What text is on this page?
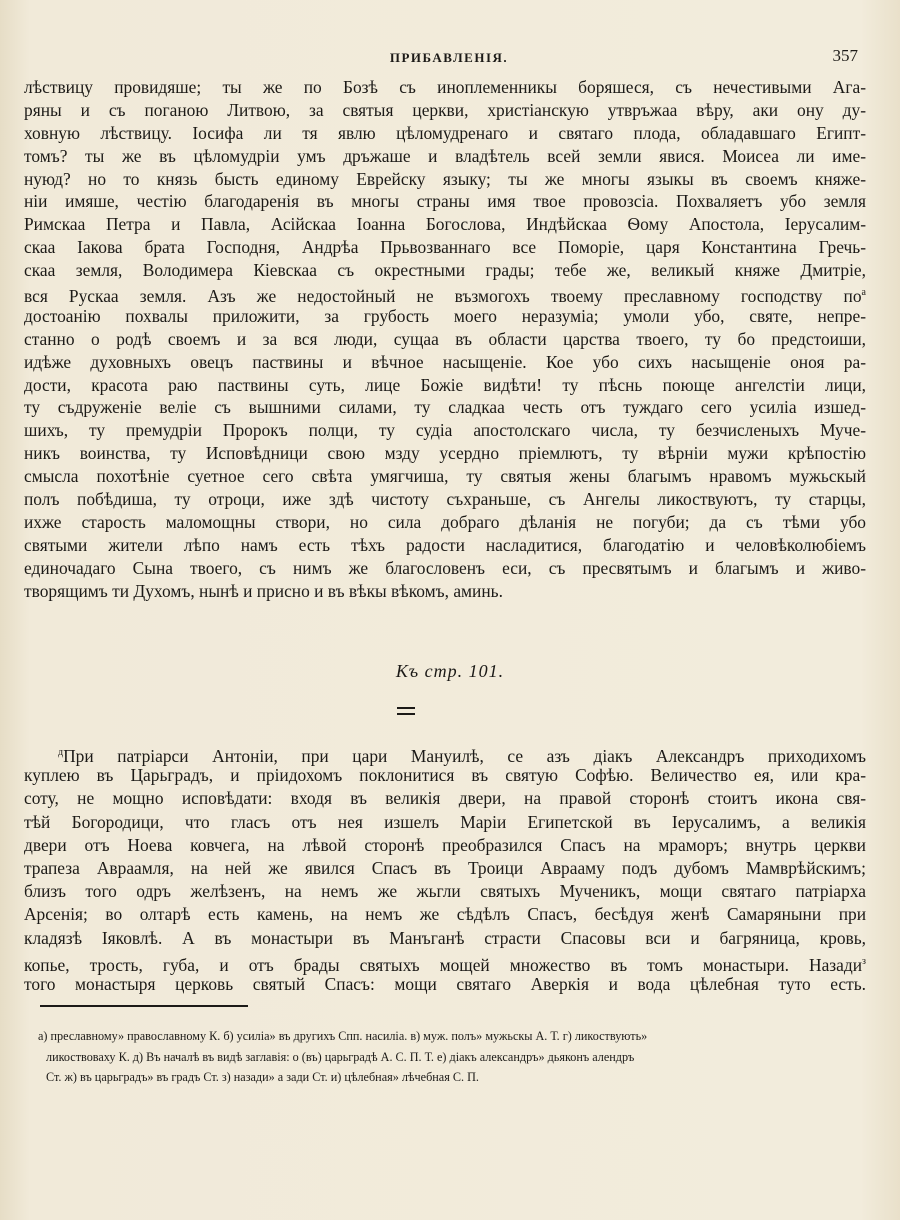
ПРИБАВЛЕНІЯ.	357
лѣствицу провидяше; ты же по Бозѣ съ иноплеменникы боряшеся, съ нечестивыми Ага-
ряны и съ поганою Литвою, за святыя церкви, христіанскую утвръжаа вѣру, аки ону ду-
ховную лѣствицу. Іосифа ли тя явлю цѣломудренаго и святаго плода, обладавшаго Египт-
томъ? ты же въ цѣломудріи умъ дръжаше и владѣтель всей земли явися. Моисеа ли име-
нуюд? но то князь бысть единому Еврейску языку; ты же многы языкы въ своемъ княже-
ніи имяше, честію благодаренія въ многы страны имя твое провозсіа. Похваляетъ убо земля
Римскаа Петра и Павла, Асійскаа Іоанна Богослова, Индѣйскаа Ѳому Апостола, Іерусалим-
скаа Іакова брата Господня, Андрѣа Прьвозваннаго все Поморіе, царя Константина Гречь-
скаа земля, Володимера Кіевскаа съ окрестными грады; тебе же, великый княже Дмитріе,
вся Рускаа земля. Азъ же недостойный не възмогохъ твоему преславному господству $по^а$
достоанію похвалы приложити, за грубость моего неразуміа; умоли убо, святе, непре-
станно о родѣ своемъ и за вся люди, сущаа въ области царства твоего, ту бо предстоиши,
идѣже духовныхъ овецъ паствины и вѣчное насыщеніе. Кое убо сихъ насыщеніе оноя ра-
дости, красота раю паствины суть, лице Божіе видѣти! ту пѣснь поюще ангелстіи лици,
ту съдруженіе веліе съ вышними силами, ту сладкаа честь отъ туждаго сего усиліа изшед-
шихъ, ту премудріи Пророкъ полци, ту судіа апостолскаго числа, ту безчисленыхъ Муче-
никъ воинства, ту Исповѣдници свою мзду усердно пріемлютъ, ту вѣрніи мужи крѣпостію
смысла похотѣніе суетное сего свѣта умягчиша, ту святыя жены благымъ нравомъ мужьскый
полъ побѣдиша, ту отроци, иже здѣ чистоту съхраньше, съ Ангелы ликоствуютъ, ту старцы,
ихже старость маломощны створи, но сила добраго дѣланія не погуби; да съ тѣми убо
святыми жители лѣпо намъ есть тѣхъ радости насладитися, благодатію и человѣколюбіемъ
единочадаго Сына твоего, съ нимъ же благословенъ еси, съ пресвятымъ и благымъ и живо-
творящимъ ти Духомъ, нынѣ и присно и въ вѣкы вѣкомъ, аминь.
Къ стр. 101.
$^д$При патріарси Антоніи, при цари Мануилѣ, се азъ діакъ Александръ приходихомъ
куплею въ Царьградъ, и пріидохомъ поклонитися въ святую Софѣю. Величество ея, или кра-
соту, не мощно исповѣдати: входя въ великія двери, на правой сторонѣ стоитъ икона свя-
тѣй Богородици, что гласъ отъ нея изшелъ Маріи Египетской въ Іерусалимъ, а великія
двери отъ Ноева ковчега, на лѣвой сторонѣ преобразился Спасъ на мраморъ; внутрь церкви
трапеза Авраамля, на ней же явился Спасъ въ Троици Аврааму подъ дубомъ Мамврѣйскимъ;
близъ того одръ желѣзенъ, на немъ же жьгли святыхъ Мученикъ, мощи святаго патріарха
Арсенія; во олтарѣ есть камень, на немъ же сѣдѣлъ Спасъ, бесѣдуя женѣ Самаряныни при
кладязѣ Іяковлѣ. А въ монастыри въ Манъганѣ страсти Спасовы вси и багряница, кровь,
копье, трость, губа, и отъ брады святыхъ мощей множество въ томъ монастыри. Назади$^з$
того монастыря церковь святый Спасъ: мощи святаго Аверкія и вода цѣлебная туто есть.
а) преславному» православному К. б) усиліа» въ другихъ Спп. насиліа. в) муж. полъ» мужьскы А. Т. г) ликоствують»
ликоствоваху К. д) Въ началѣ въ видѣ заглавія: о (въ) царьградѣ А. С. П. Т. е) діакъ александръ» дьяконъ алендръ
Ст. ж) въ царьградъ» въ градъ Ст. з) назади» а зади Ст. и) цѣлебная» лѣчебная С. П.
